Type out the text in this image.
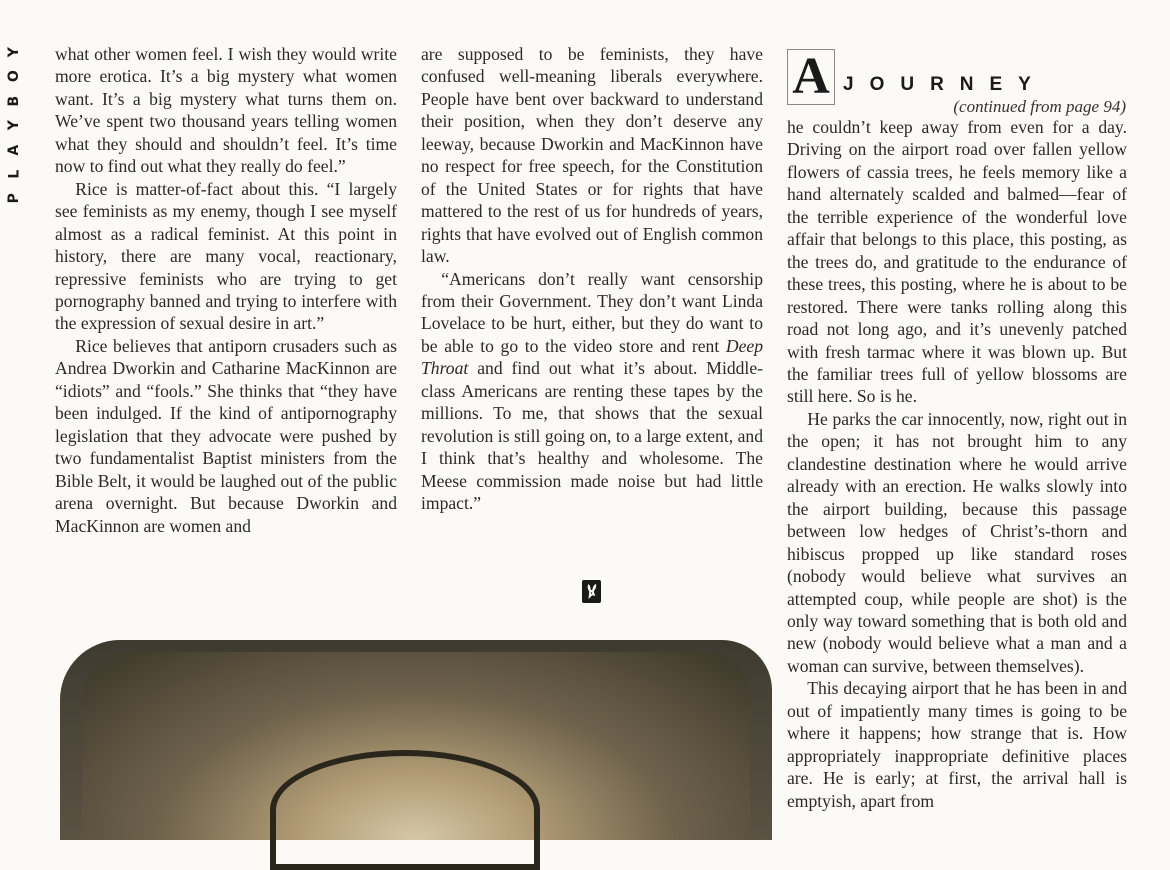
Y
O
B
Y
A
L
P

what other women feel. I wish they would write more erotica. It’s a big mystery what women want. It’s a big mystery what turns them on. We’ve spent two thousand years telling women what they should and shouldn’t feel. It’s time now to find out what they really do feel.”

Rice is matter-of-fact about this. “I largely see feminists as my enemy, though I see myself almost as a radical feminist. At this point in history, there are many vocal, reactionary, repressive feminists who are trying to get pornography banned and trying to interfere with the expression of sexual desire in art.”

Rice believes that antiporn crusaders such as Andrea Dworkin and Catharine MacKinnon are “idiots” and “fools.” She thinks that “they have been indulged. If the kind of antipornography legislation that they advocate were pushed by two fundamentalist Baptist ministers from the Bible Belt, it would be laughed out of the public arena overnight. But because Dworkin and MacKinnon are women and

are supposed to be feminists, they have confused well-meaning liberals everywhere. People have bent over backward to understand their position, when they don’t deserve any leeway, because Dworkin and MacKinnon have no respect for free speech, for the Constitution of the United States or for rights that have mattered to the rest of us for hundreds of years, rights that have evolved out of English common law.

“Americans don’t really want censorship from their Government. They don’t want Linda Lovelace to be hurt, either, but they do want to be able to go to the video store and rent Deep Throat and find out what it’s about. Middle-class Americans are renting these tapes by the millions. To me, that shows that the sexual revolution is still going on, to a large extent, and I think that’s healthy and wholesome. The Meese commission made noise but had little impact.”

A JOURNEY
(continued from page 94)

he couldn’t keep away from even for a day. Driving on the airport road over fallen yellow flowers of cassia trees, he feels memory like a hand alternately scalded and balmed—fear of the terrible experience of the wonderful love affair that belongs to this place, this posting, as the trees do, and gratitude to the endurance of these trees, this posting, where he is about to be restored. There were tanks rolling along this road not long ago, and it’s unevenly patched with fresh tarmac where it was blown up. But the familiar trees full of yellow blossoms are still here. So is he.

He parks the car innocently, now, right out in the open; it has not brought him to any clandestine destination where he would arrive already with an erection. He walks slowly into the airport building, because this passage between low hedges of Christ’s-thorn and hibiscus propped up like standard roses (nobody would believe what survives an attempted coup, while people are shot) is the only way toward something that is both old and new (nobody would believe what a man and a woman can survive, between themselves).

This decaying airport that he has been in and out of impatiently many times is going to be where it happens; how strange that is. How appropriately inappropriate definitive places are. He is early; at first, the arrival hall is emptyish, apart from
